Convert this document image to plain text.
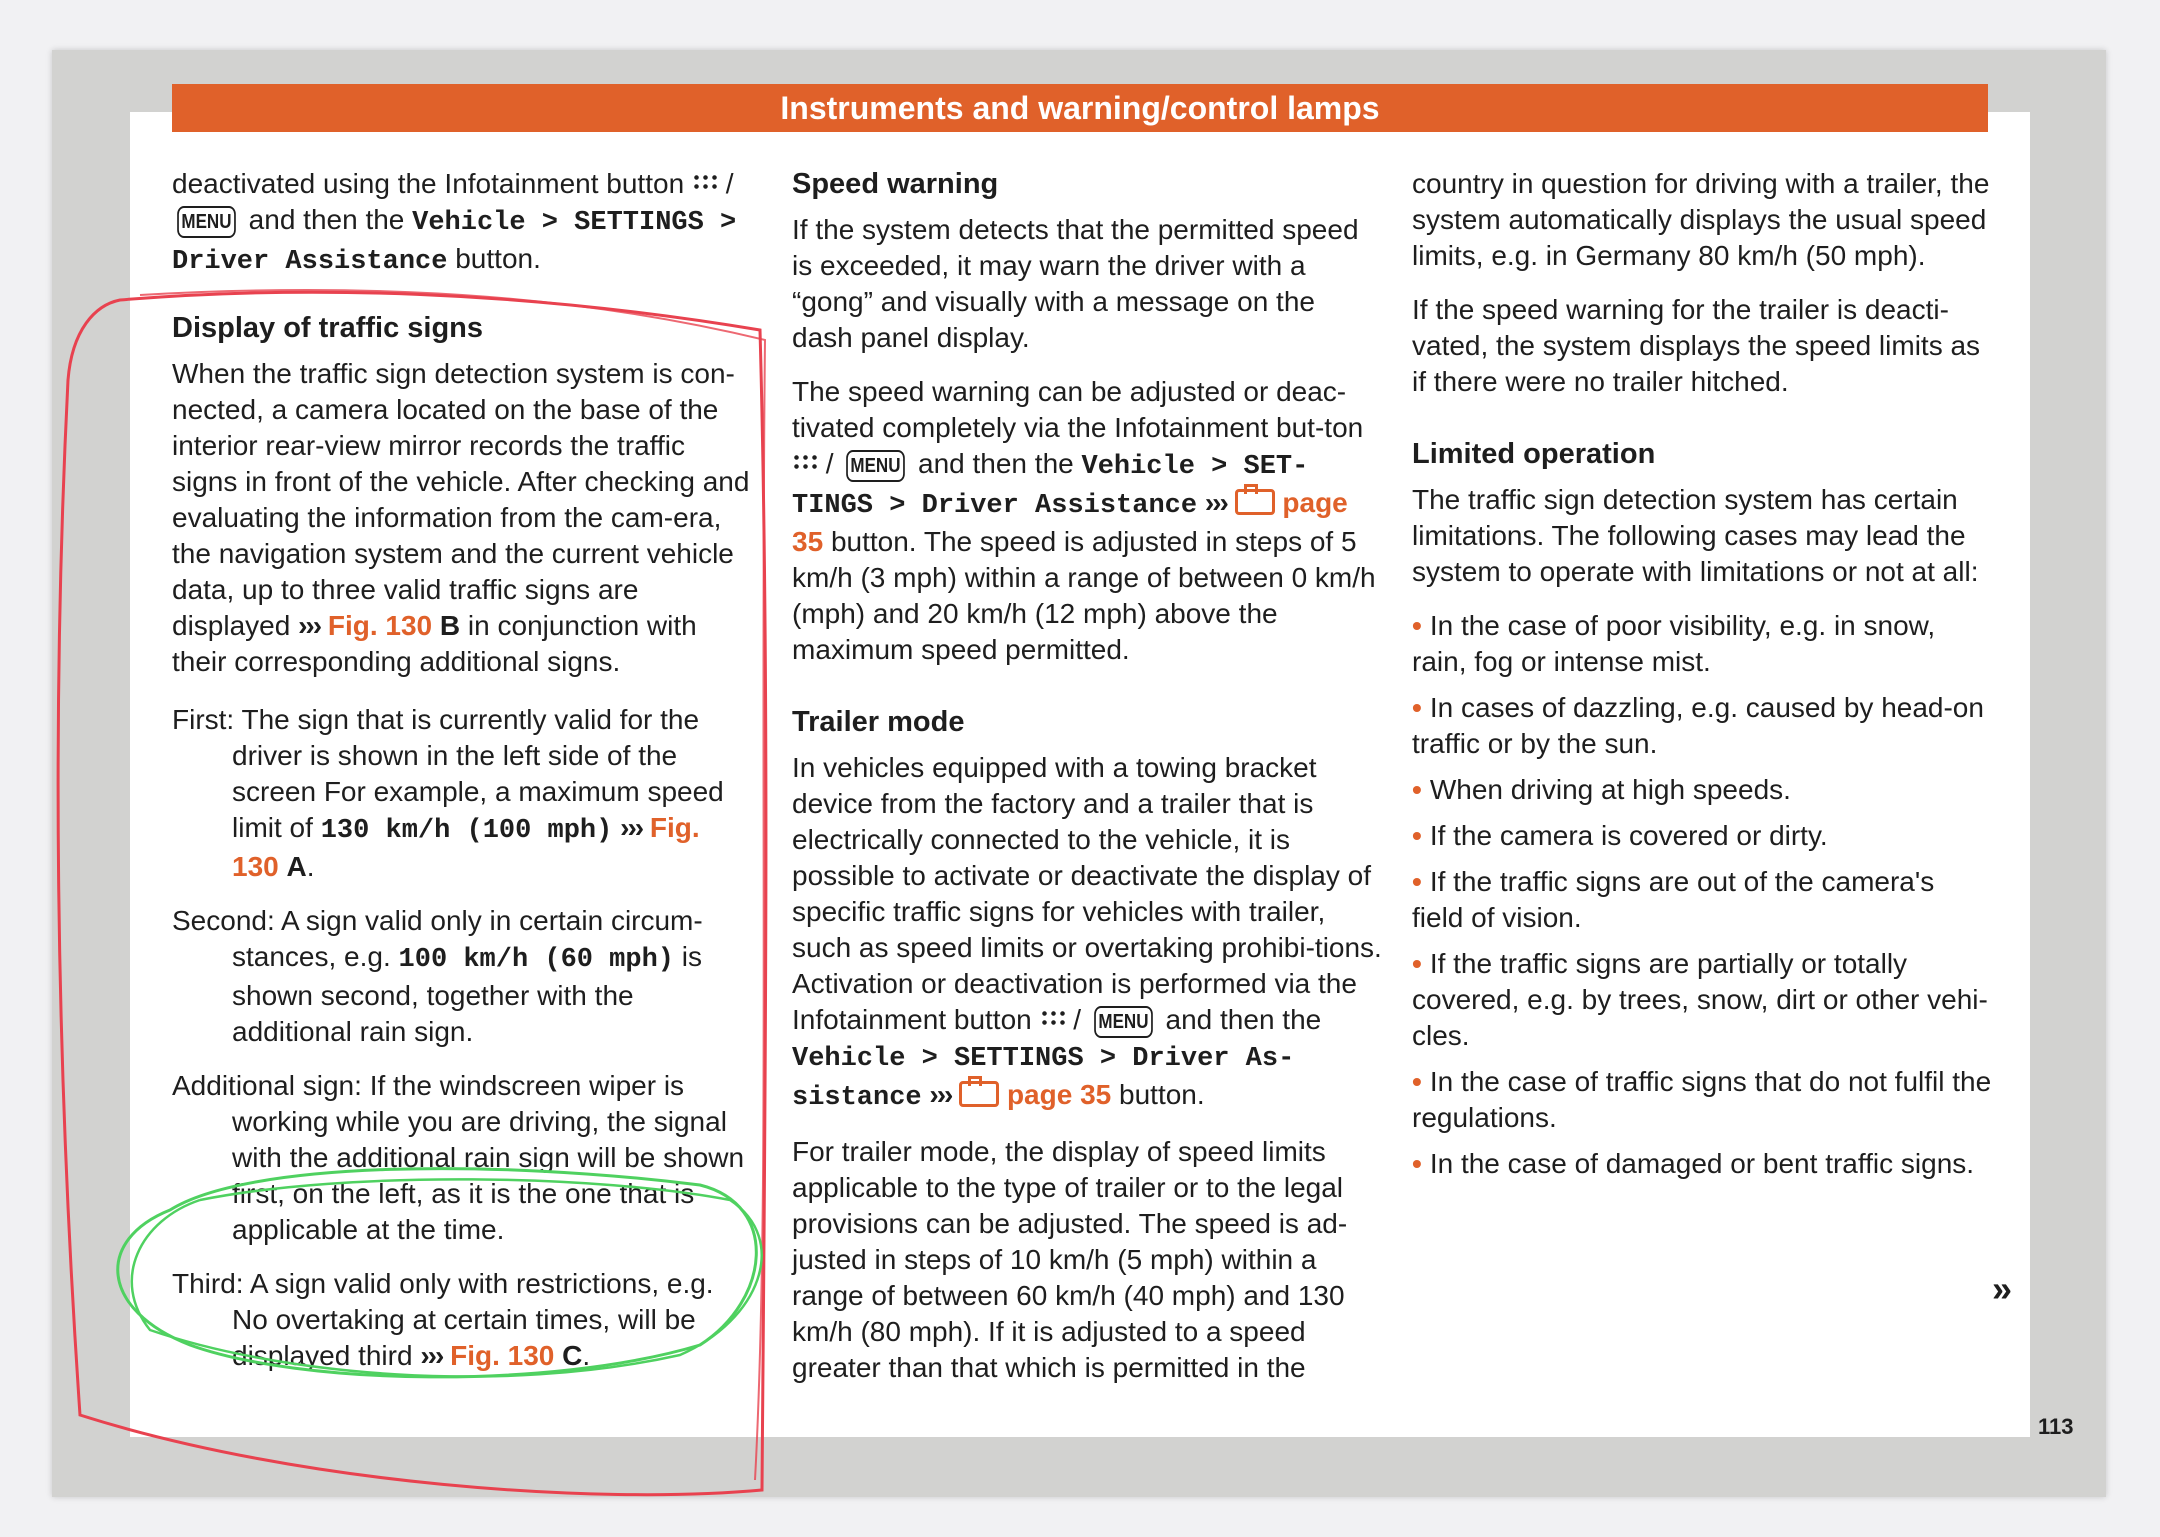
Instruments and warning/control lamps

deactivated using the Infotainment button  / MENU and then the Vehicle > SETTINGS > Driver Assistance button.

Display of traffic signs

When the traffic sign detection system is con-nected, a camera located on the base of the interior rear-view mirror records the traffic signs in front of the vehicle. After checking and evaluating the information from the cam-era, the navigation system and the current vehicle data, up to three valid traffic signs are displayed ››› Fig. 130 B in conjunction with their corresponding additional signs.

First: The sign that is currently valid for the driver is shown in the left side of the screen For example, a maximum speed limit of 130 km/h (100 mph) ››› Fig. 130 A.

Second: A sign valid only in certain circum-stances, e.g. 100 km/h (60 mph) is shown second, together with the additional rain sign.

Additional sign: If the windscreen wiper is working while you are driving, the signal with the additional rain sign will be shown first, on the left, as it is the one that is applicable at the time.

Third: A sign valid only with restrictions, e.g. No overtaking at certain times, will be displayed third ››› Fig. 130 C.

Speed warning

If the system detects that the permitted speed is exceeded, it may warn the driver with a “gong” and visually with a message on the dash panel display.

The speed warning can be adjusted or deac-tivated completely via the Infotainment but-ton  / MENU and then the Vehicle > SET-TINGS > Driver Assistance ››› page 35 button. The speed is adjusted in steps of 5 km/h (3 mph) within a range of between 0 km/h (mph) and 20 km/h (12 mph) above the maximum speed permitted.

Trailer mode

In vehicles equipped with a towing bracket device from the factory and a trailer that is electrically connected to the vehicle, it is possible to activate or deactivate the display of specific traffic signs for vehicles with trailer, such as speed limits or overtaking prohibi-tions. Activation or deactivation is performed via the Infotainment button  / MENU and then the Vehicle > SETTINGS > Driver As-sistance ››› page 35 button.

For trailer mode, the display of speed limits applicable to the type of trailer or to the legal provisions can be adjusted. The speed is ad-justed in steps of 10 km/h (5 mph) within a range of between 60 km/h (40 mph) and 130 km/h (80 mph). If it is adjusted to a speed greater than that which is permitted in the

country in question for driving with a trailer, the system automatically displays the usual speed limits, e.g. in Germany 80 km/h (50 mph).

If the speed warning for the trailer is deacti-vated, the system displays the speed limits as if there were no trailer hitched.

Limited operation

The traffic sign detection system has certain limitations. The following cases may lead the system to operate with limitations or not at all:

• In the case of poor visibility, e.g. in snow, rain, fog or intense mist.
• In cases of dazzling, e.g. caused by head-on traffic or by the sun.
• When driving at high speeds.
• If the camera is covered or dirty.
• If the traffic signs are out of the camera's field of vision.
• If the traffic signs are partially or totally covered, e.g. by trees, snow, dirt or other vehi-cles.
• In the case of traffic signs that do not fulfil the regulations.
• In the case of damaged or bent traffic signs.
»
113
